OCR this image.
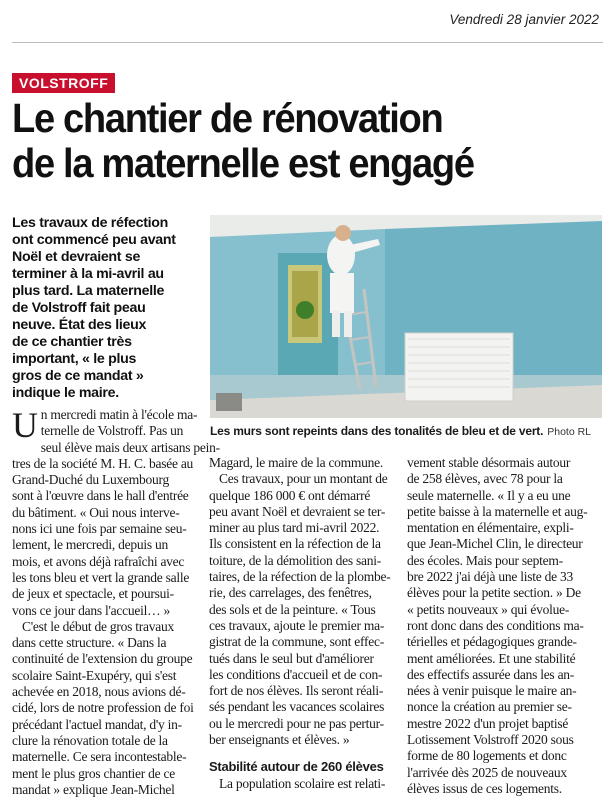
Vendredi 28 janvier 2022
VOLSTROFF
Le chantier de rénovation
de la maternelle est engagé
Les travaux de réfection
ont commencé peu avant
Noël et devraient se
terminer à la mi-avril au
plus tard. La maternelle
de Volstroff fait peau
neuve. État des lieux
de ce chantier très
important, « le plus
gros de ce mandat »
indique le maire.
Les murs sont repeints dans des tonalités de bleu et de vert. Photo RL
Un mercredi matin à l'école ma-
ternelle de Volstroff. Pas un
seul élève mais deux artisans pein-
tres de la société M. H. C. basée au
Grand-Duché du Luxembourg
sont à l'œuvre dans le hall d'entrée
du bâtiment. « Oui nous interve-
nons ici une fois par semaine seu-
lement, le mercredi, depuis un
mois, et avons déjà rafraîchi avec
les tons bleu et vert la grande salle
de jeux et spectacle, et poursui-
vons ce jour dans l'accueil… »
C'est le début de gros travaux
dans cette structure. « Dans la
continuité de l'extension du groupe
scolaire Saint-Exupéry, qui s'est
achevée en 2018, nous avions dé-
cidé, lors de notre profession de foi
précédant l'actuel mandat, d'y in-
clure la rénovation totale de la
maternelle. Ce sera incontestable-
ment le plus gros chantier de ce
mandat » explique Jean-Michel
Magard, le maire de la commune.
Ces travaux, pour un montant de
quelque 186 000 € ont démarré
peu avant Noël et devraient se ter-
miner au plus tard mi-avril 2022.
Ils consistent en la réfection de la
toiture, de la démolition des sani-
taires, de la réfection de la plombe-
rie, des carrelages, des fenêtres,
des sols et de la peinture. « Tous
ces travaux, ajoute le premier ma-
gistrat de la commune, sont effec-
tués dans le seul but d'améliorer
les conditions d'accueil et de con-
fort de nos élèves. Ils seront réali-
sés pendant les vacances scolaires
ou le mercredi pour ne pas pertur-
ber enseignants et élèves. »
Stabilité autour de 260 élèves
La population scolaire est relati-
vement stable désormais autour
de 258 élèves, avec 78 pour la
seule maternelle. « Il y a eu une
petite baisse à la maternelle et aug-
mentation en élémentaire, expli-
que Jean-Michel Clin, le directeur
des écoles. Mais pour septem-
bre 2022 j'ai déjà une liste de 33
élèves pour la petite section. » De
« petits nouveaux » qui évolue-
ront donc dans des conditions ma-
térielles et pédagogiques grande-
ment améliorées. Et une stabilité
des effectifs assurée dans les an-
nées à venir puisque le maire an-
nonce la création au premier se-
mestre 2022 d'un projet baptisé
Lotissement Volstroff 2020 sous
forme de 80 logements et donc
l'arrivée dès 2025 de nouveaux
élèves issus de ces logements.
